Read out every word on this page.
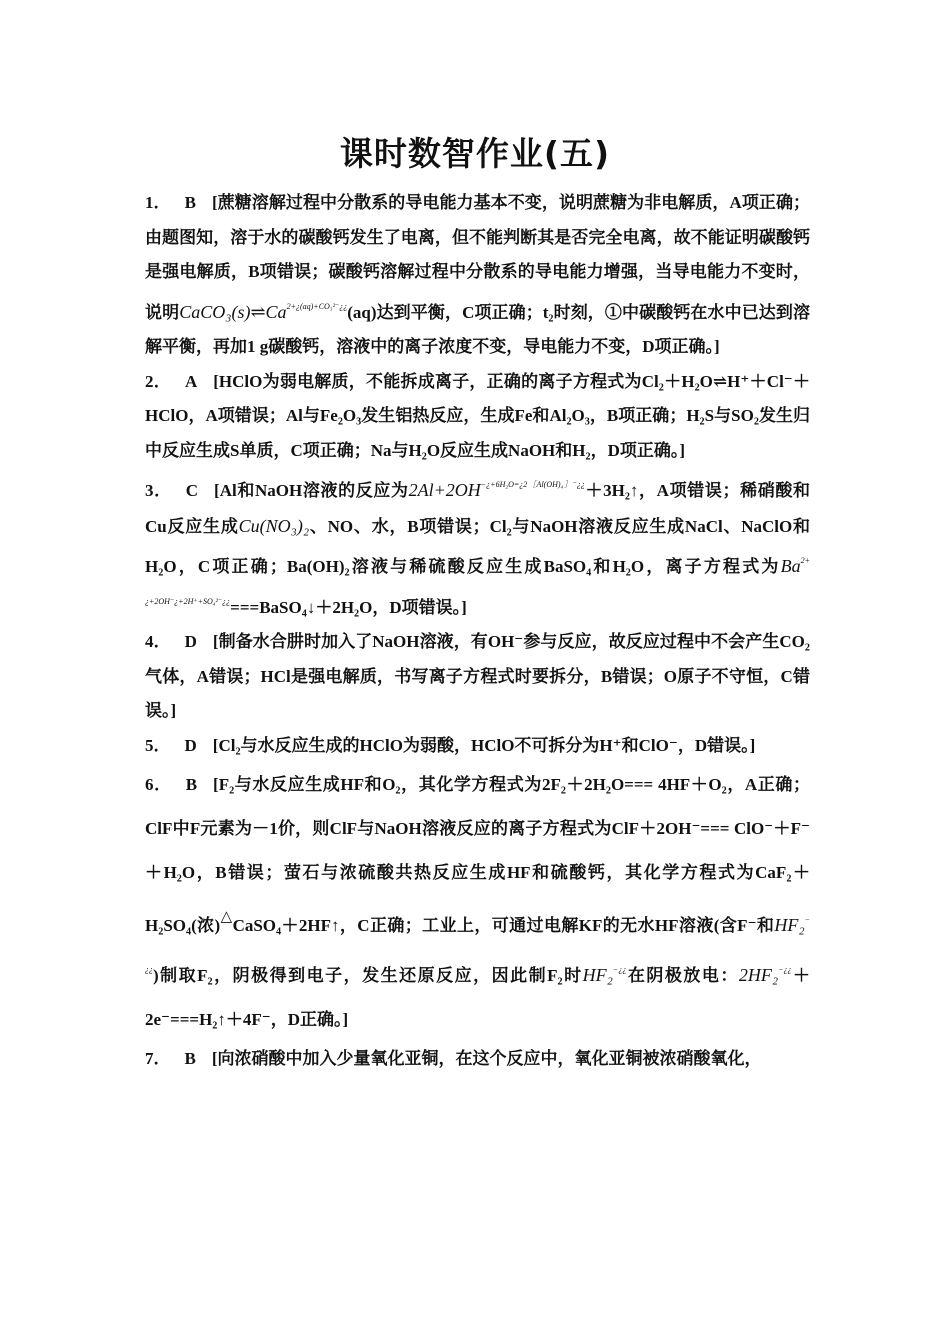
课时数智作业(五)

1． B [蔗糖溶解过程中分散系的导电能力基本不变，说明蔗糖为非电解质，A项正确；由题图知，溶于水的碳酸钙发生了电离，但不能判断其是否完全电离，故不能证明碳酸钙是强电解质，B项错误；碳酸钙溶解过程中分散系的导电能力增强，当导电能力不变时，说明$CaCO_3(s)\rightleftharpoons Ca^{2+¿(aq)+CO_3^{2-}¿¿}(aq)$达到平衡，C项正确；t₂时刻，①中碳酸钙在水中已达到溶解平衡，再加1 g碳酸钙，溶液中的离子浓度不变，导电能力不变，D项正确。]

2． A [HClO为弱电解质，不能拆成离子，正确的离子方程式为Cl₂＋H₂O⇌H⁺＋Cl⁻＋HClO，A项错误；Al与Fe₂O₃发生铝热反应，生成Fe和Al₂O₃，B项正确；H₂S与SO₂发生归中反应生成S单质，C项正确；Na与H₂O反应生成NaOH和H₂，D项正确。]

3． C [Al和NaOH溶液的反应为$2Al+2OH^{-¿+6H_2O=¿2[Al(OH)_4]^-¿¿}+3H_2↑$，A项错误；稀硝酸和Cu反应生成Cu(NO₃)₂、NO、水，B项错误；Cl₂与NaOH溶液反应生成NaCl、NaClO和H₂O，C项正确；Ba(OH)₂溶液与稀硫酸反应生成BaSO₄和H₂O，离子方程式为$Ba^{2+¿+2OH^-¿+2H^++SO_4^{2-}¿¿}===BaSO_4↓+2H_2O$，D项错误。]

4． D [制备水合肼时加入了NaOH溶液，有OH⁻参与反应，故反应过程中不会产生CO₂气体，A错误；HCl是强电解质，书写离子方程式时要拆分，B错误；O原子不守恒，C错误。]

5． D [Cl₂与水反应生成的HClO为弱酸，HClO不可拆分为H⁺和ClO⁻，D错误。]

6． B [F₂与水反应生成HF和O₂，其化学方程式为2F₂＋2H₂O=== 4HF＋O₂，A正确；ClF中F元素为－1价，则ClF与NaOH溶液反应的离子方程式为ClF＋2OH⁻=== ClO⁻＋F⁻＋H₂O，B错误；萤石与浓硫酸共热反应生成HF和硫酸钙，其化学方程式为CaF₂＋H₂SO₄(浓)△CaSO₄＋2HF↑，C正确；工业上，可通过电解KF的无水HF溶液(含F⁻和HF₂−¿¿)制取F₂，阴极得到电子，发生还原反应，因此制F₂时HF₂−¿¿在阴极放电：2HF₂−¿¿＋2e⁻===H₂↑＋4F⁻，D正确。]

7． B [向浓硝酸中加入少量氧化亚铜，在这个反应中，氧化亚铜被浓硝酸氧化，
